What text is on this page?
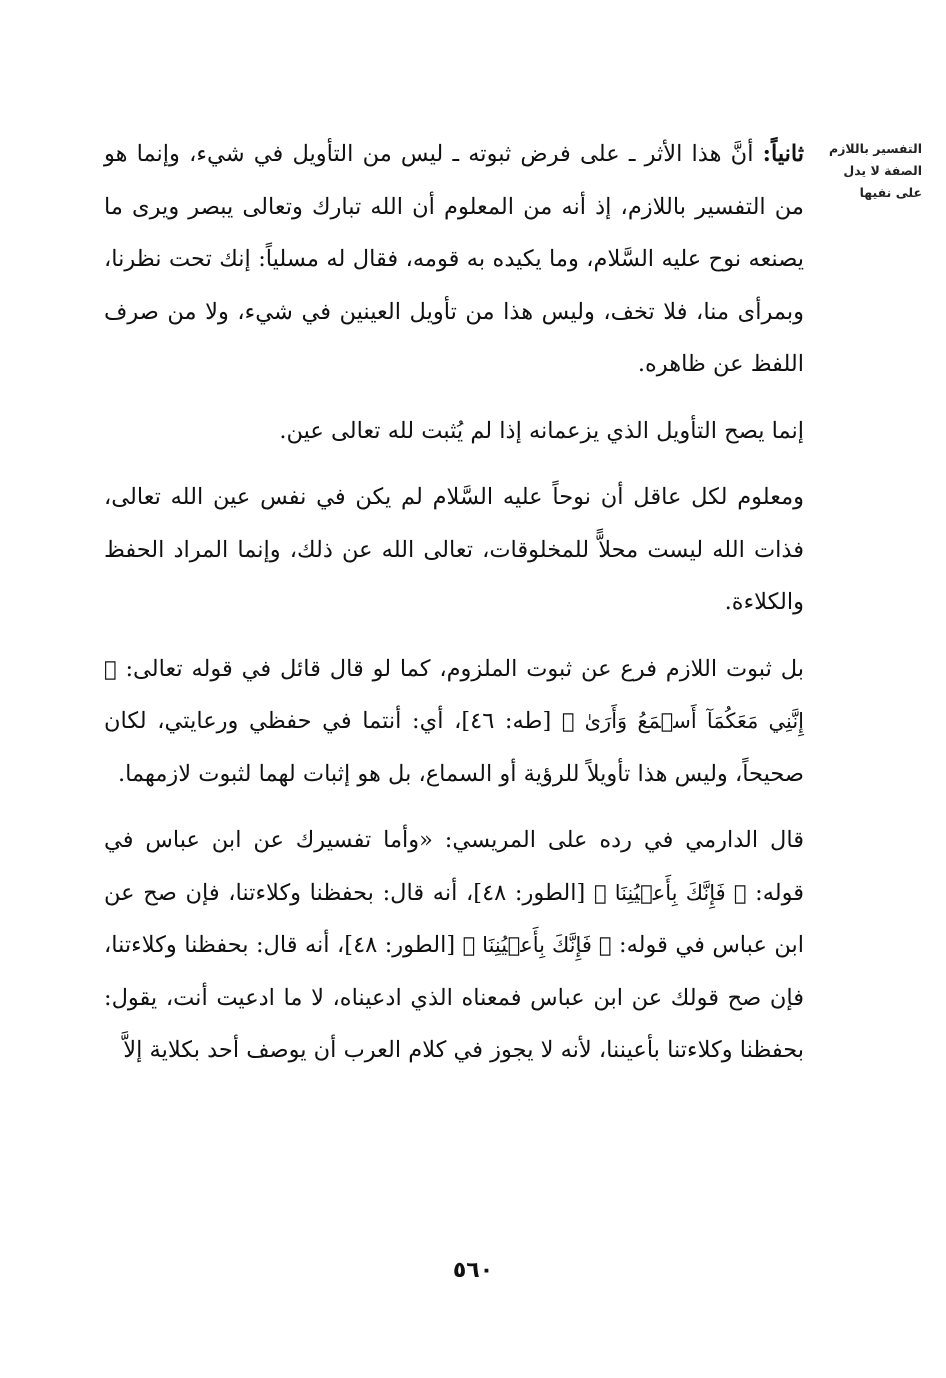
التفسير باللازم
الصفة لا يدل
على نفيها

ثانياً: أنَّ هذا الأثر ـ على فرض ثبوته ـ ليس من التأويل في شيء، وإنما هو من التفسير باللازم، إذ أنه من المعلوم أن الله تبارك وتعالى يبصر ويرى ما يصنعه نوح عليه السَّلام، وما يكيده به قومه، فقال له مسلياً: إنك تحت نظرنا، وبمرأى منا، فلا تخف، وليس هذا من تأويل العينين في شيء، ولا من صرف اللفظ عن ظاهره.

إنما يصح التأويل الذي يزعمانه إذا لم يُثبت لله تعالى عين.

ومعلوم لكل عاقل أن نوحاً عليه السَّلام لم يكن في نفس عين الله تعالى، فذات الله ليست محلاًّ للمخلوقات، تعالى الله عن ذلك، وإنما المراد الحفظ والكلاءة.

بل ثبوت اللازم فرع عن ثبوت الملزوم، كما لو قال قائل في قوله تعالى: ﴿ إِنَّنِي مَعَكُمَآ أَسۡمَعُ وَأَرَىٰ ﴾ [طه: ٤٦]، أي: أنتما في حفظي ورعايتي، لكان صحيحاً، وليس هذا تأويلاً للرؤية أو السماع، بل هو إثبات لهما لثبوت لازمهما.

قال الدارمي في رده على المريسي: «وأما تفسيرك عن ابن عباس في قوله: ﴿ فَإِنَّكَ بِأَعۡيُنِنَا ﴾ [الطور: ٤٨]، أنه قال: بحفظنا وكلاءتنا، فإن صح عن ابن عباس في قوله: ﴿ فَإِنَّكَ بِأَعۡيُنِنَا ﴾ [الطور: ٤٨]، أنه قال: بحفظنا وكلاءتنا، فإن صح قولك عن ابن عباس فمعناه الذي ادعيناه، لا ما ادعيت أنت، يقول: بحفظنا وكلاءتنا بأعيننا، لأنه لا يجوز في كلام العرب أن يوصف أحد بكلاية إلاَّ

٥٦٠
